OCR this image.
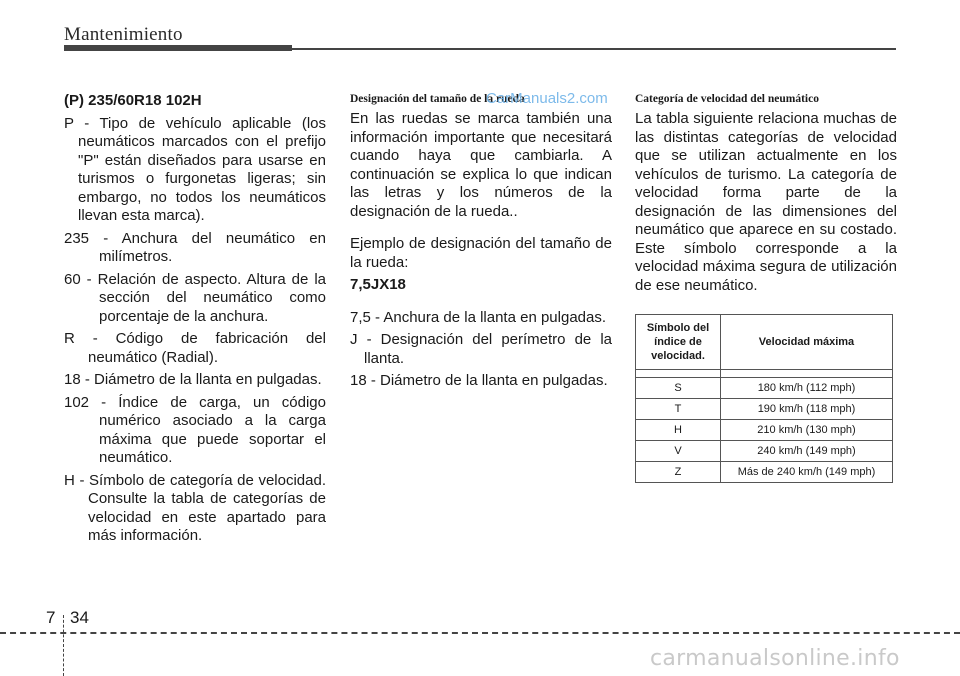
Mantenimiento

(P) 235/60R18 102H

P - Tipo de vehículo aplicable (los neumáticos marcados con el prefijo "P" están diseñados para usarse en turismos o furgonetas ligeras; sin embargo, no todos los neumáticos llevan esta marca).

235 - Anchura del neumático en milímetros.

60 - Relación de aspecto. Altura de la sección del neumático como porcentaje de la anchura.

R - Código de fabricación del neumático (Radial).

18 - Diámetro de la llanta en pulgadas.

102 - Índice de carga, un código numérico asociado a la carga máxima que puede soportar el neumático.

H - Símbolo de categoría de velocidad. Consulte la tabla de categorías de velocidad en este apartado para más información.

Designación del tamaño de la rueda

En las ruedas se marca también una información importante que necesitará cuando haya que cambiarla. A continuación se explica lo que indican las letras y los números de la designación de la rueda..

Ejemplo de designación del tamaño de la rueda:

7,5JX18

7,5 - Anchura de la llanta en pulgadas.

J - Designación del perímetro de la llanta.

18 - Diámetro de la llanta en pulgadas.

CarManuals2.com Categoría de velocidad del neumático

La tabla siguiente relaciona muchas de las distintas categorías de velocidad que se utilizan actualmente en los vehículos de turismo. La categoría de velocidad forma parte de la designación de las dimensiones del neumático que aparece en su costado. Este símbolo corresponde a la velocidad máxima segura de utilización de ese neumático.

Símbolo del índice de velocidad.	Velocidad máxima

S	180 km/h (112 mph)
T	190 km/h (118 mph)
H	210 km/h (130 mph)
V	240 km/h (149 mph)
Z	Más de 240 km/h (149 mph)
7 34
carmanualsonline.info
